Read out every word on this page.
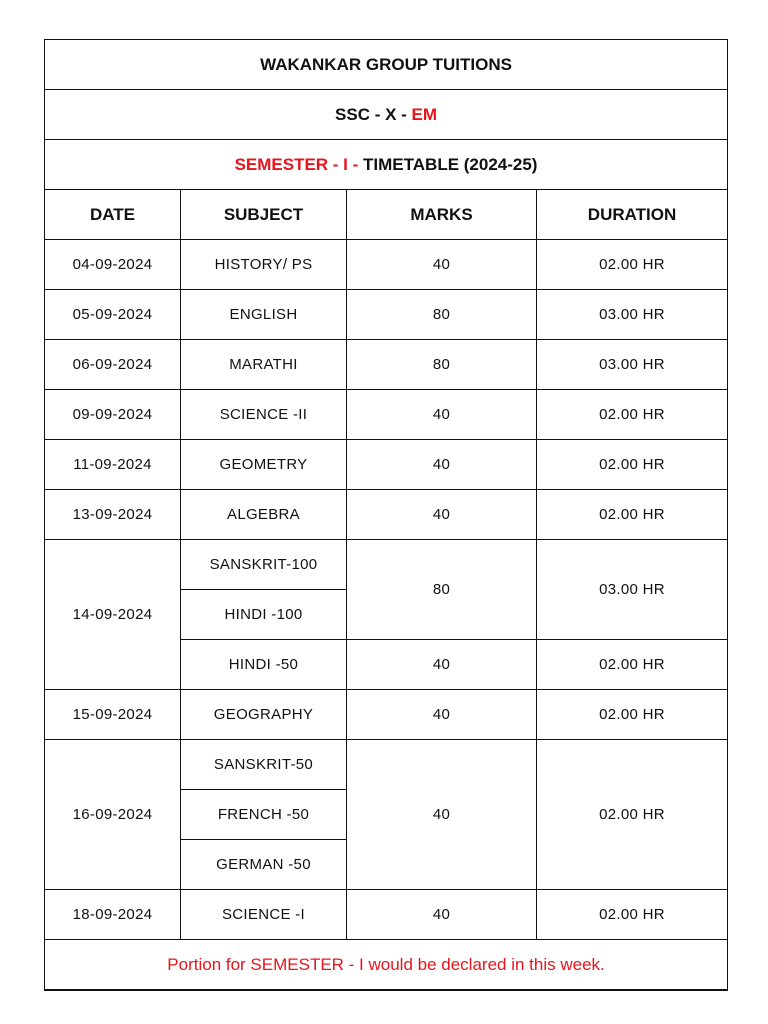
WAKANKAR GROUP TUITIONS			
SSC - X - EM			
SEMESTER - I - TIMETABLE (2024-25)			
DATE	SUBJECT	MARKS	DURATION
04-09-2024	HISTORY/ PS	40	02.00 HR
05-09-2024	ENGLISH	80	03.00 HR
06-09-2024	MARATHI	80	03.00 HR
09-09-2024	SCIENCE -II	40	02.00 HR
11-09-2024	GEOMETRY	40	02.00 HR
13-09-2024	ALGEBRA	40	02.00 HR
14-09-2024	SANSKRIT-100	80	03.00 HR
	HINDI -100		
	HINDI -50	40	02.00 HR
15-09-2024	GEOGRAPHY	40	02.00 HR
16-09-2024	SANSKRIT-50	40	02.00 HR
	FRENCH -50		
	GERMAN -50		
18-09-2024	SCIENCE -I	40	02.00 HR
Portion for SEMESTER - I would be declared in this week.			
